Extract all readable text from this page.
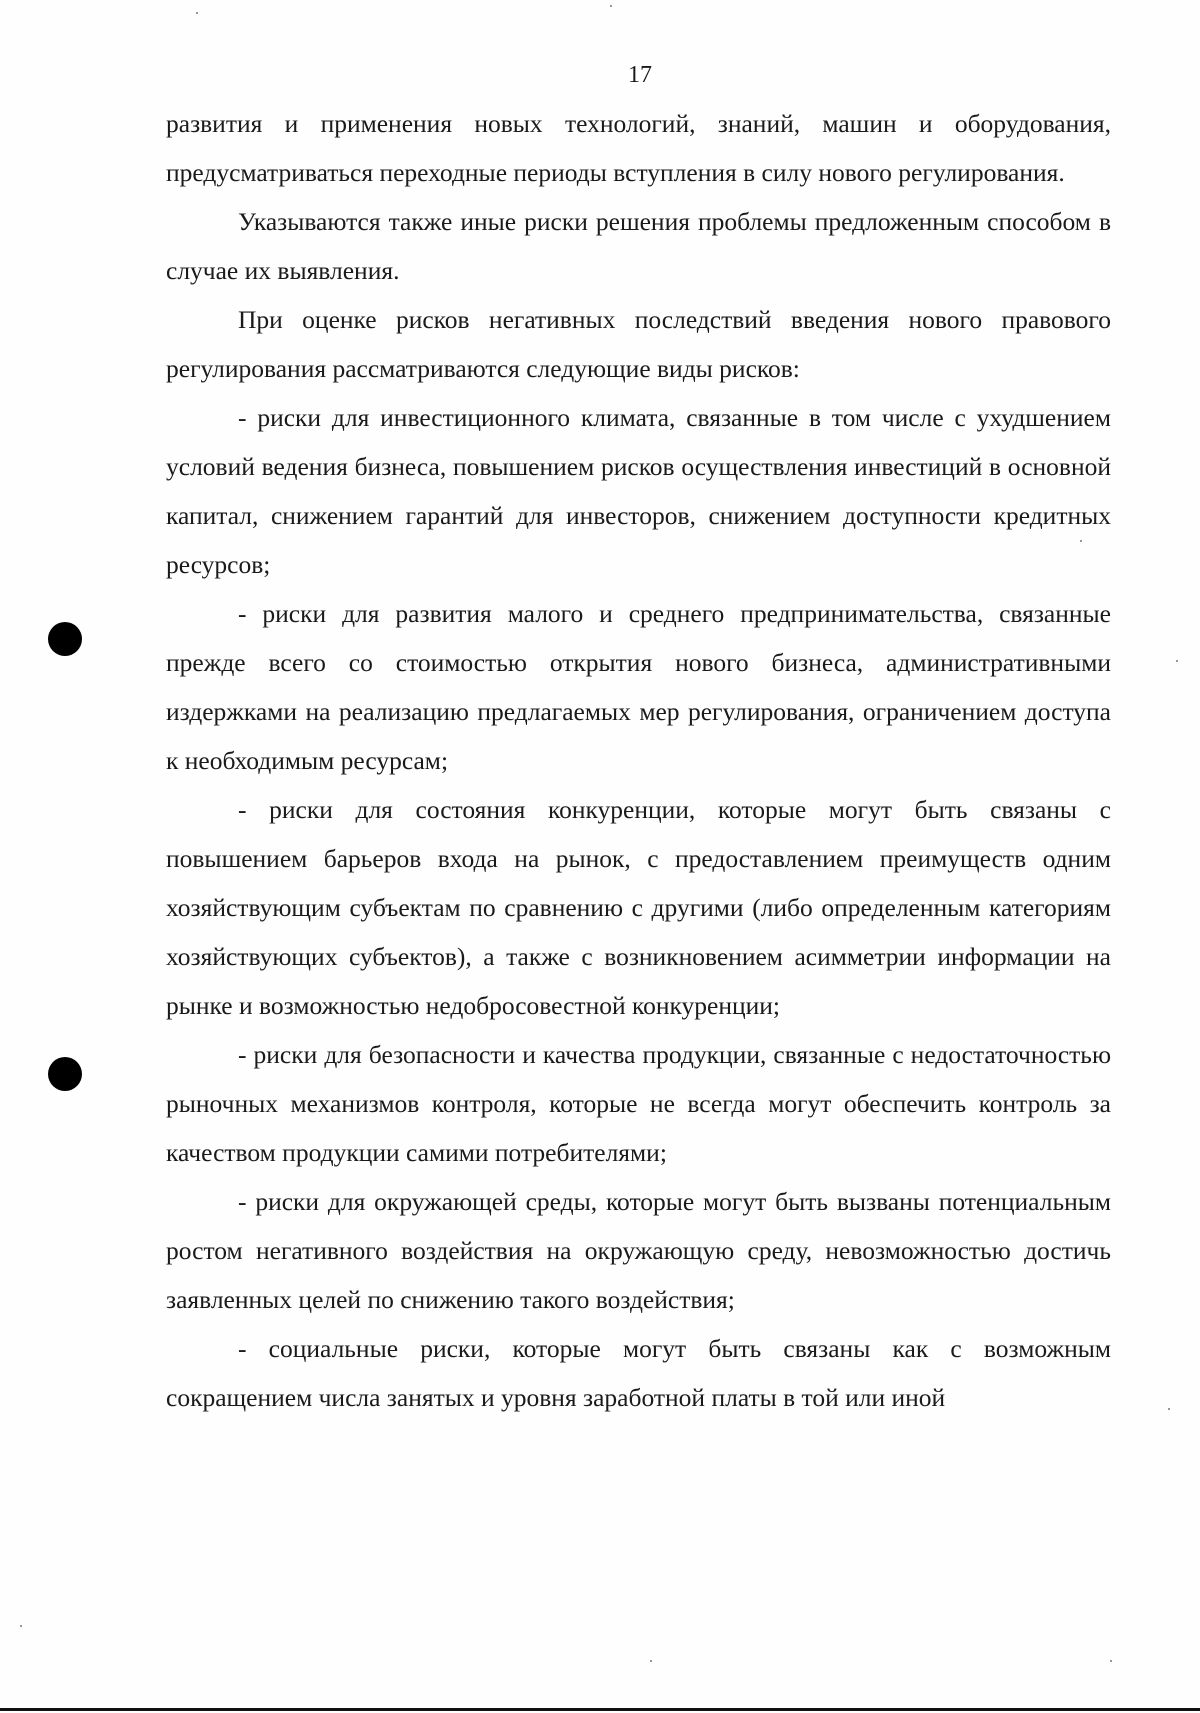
17

развития и применения новых технологий, знаний, машин и оборудования, предусматриваться переходные периоды вступления в силу нового регулирования.

Указываются также иные риски решения проблемы предложенным способом в случае их выявления.

При оценке рисков негативных последствий введения нового правового регулирования рассматриваются следующие виды рисков:

- риски для инвестиционного климата, связанные в том числе с ухудшением условий ведения бизнеса, повышением рисков осуществления инвестиций в основной капитал, снижением гарантий для инвесторов, снижением доступности кредитных ресурсов;

- риски для развития малого и среднего предпринимательства, связанные прежде всего со стоимостью открытия нового бизнеса, административными издержками на реализацию предлагаемых мер регулирования, ограничением доступа к необходимым ресурсам;

- риски для состояния конкуренции, которые могут быть связаны с повышением барьеров входа на рынок, с предоставлением преимуществ одним хозяйствующим субъектам по сравнению с другими (либо определенным категориям хозяйствующих субъектов), а также с возникновением асимметрии информации на рынке и возможностью недобросовестной конкуренции;

- риски для безопасности и качества продукции, связанные с недостаточностью рыночных механизмов контроля, которые не всегда могут обеспечить контроль за качеством продукции самими потребителями;

- риски для окружающей среды, которые могут быть вызваны потенциальным ростом негативного воздействия на окружающую среду, невозможностью достичь заявленных целей по снижению такого воздействия;

- социальные риски, которые могут быть связаны как с возможным сокращением числа занятых и уровня заработной платы в той или иной
